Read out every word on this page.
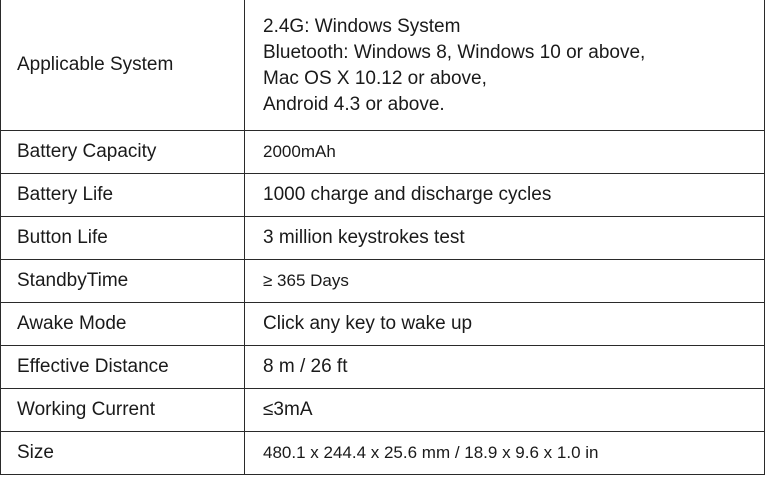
Applicable System	2.4G: Windows System
Bluetooth: Windows 8, Windows 10 or above,
Mac OS X 10.12 or above,
Android 4.3 or above.

Battery Capacity	2000mAh
Battery Life	1000 charge and discharge cycles
Button Life	3 million keystrokes test
StandbyTime	≥ 365 Days
Awake Mode	Click any key to wake up
Effective Distance	8 m / 26 ft
Working Current	≤3mA
Size	480.1 x 244.4 x 25.6 mm / 18.9 x 9.6 x 1.0 in
